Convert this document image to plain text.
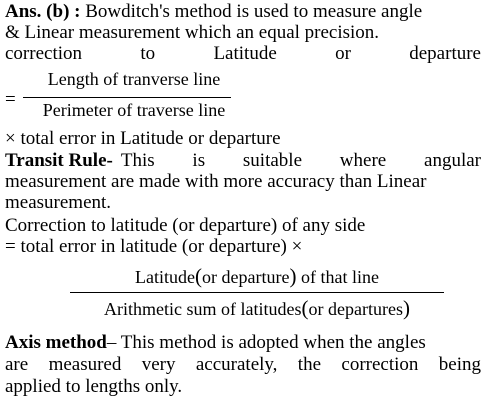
Ans. (b) : Bowditch's method is used to measure angle
& Linear measurement which an equal precision.
correction	to	Latitude	or	departure
=
Length of tranverse line
Perimeter of traverse line
× total error in Latitude or departure
Transit Rule- This is suitable where angular
measurement are made with more accuracy than Linear
measurement.
Correction to latitude (or departure) of any side
= total error in latitude (or departure) ×
Latitude(or departure) of that line
Arithmetic sum of latitudes(or departures)
Axis method– This method is adopted when the angles
are measured very accurately, the correction being
applied to lengths only.
